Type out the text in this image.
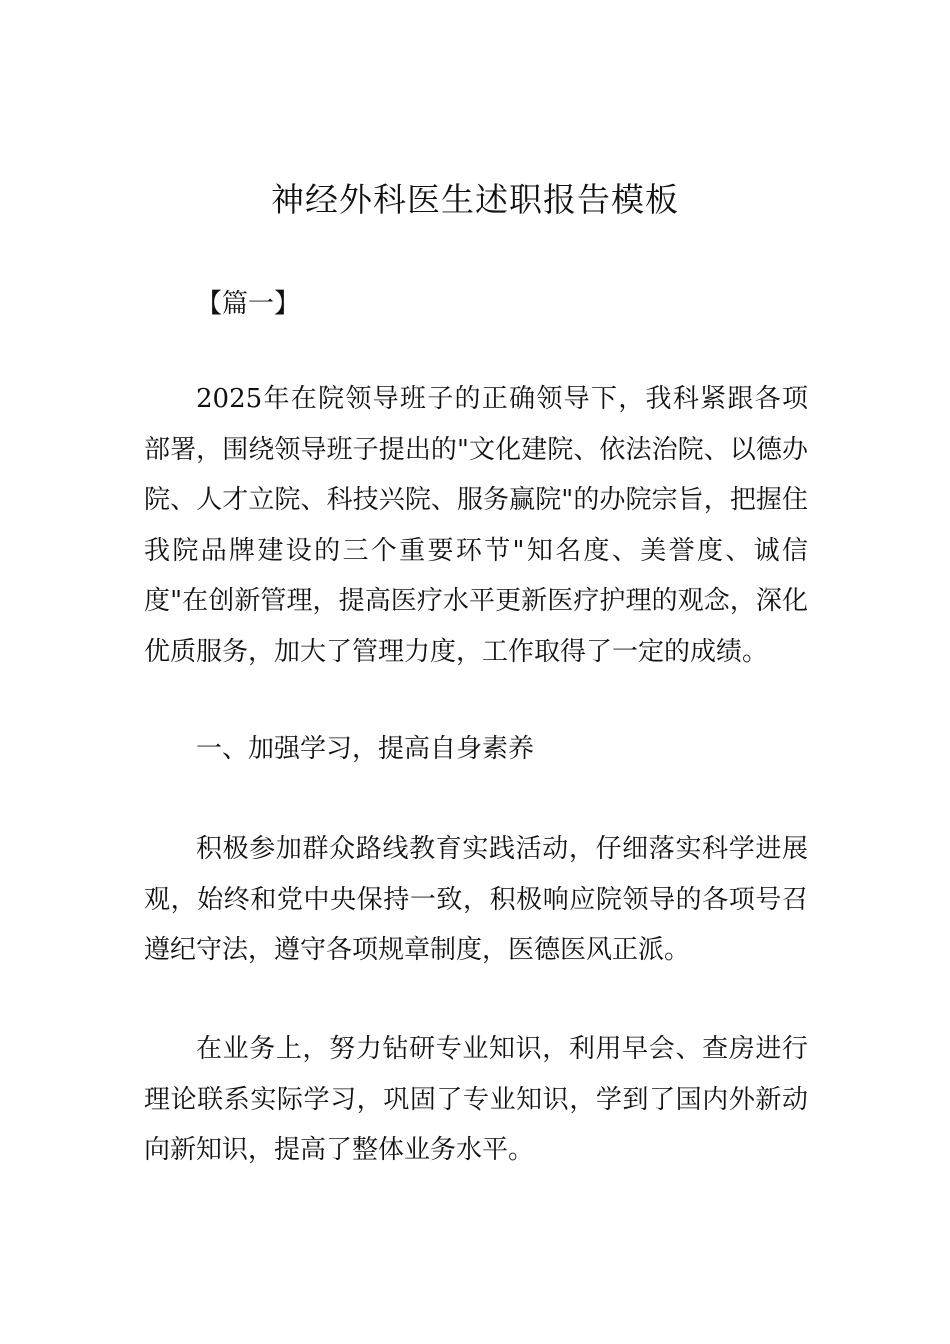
神经外科医生述职报告模板

【篇一】

2025年在院领导班子的正确领导下，我科紧跟各项部署，围绕领导班子提出的"文化建院、依法治院、以德办院、人才立院、科技兴院、服务赢院"的办院宗旨，把握住我院品牌建设的三个重要环节"知名度、美誉度、诚信度"在创新管理，提高医疗水平更新医疗护理的观念，深化优质服务，加大了管理力度，工作取得了一定的成绩。

一、加强学习，提高自身素养

积极参加群众路线教育实践活动，仔细落实科学进展观，始终和党中央保持一致，积极响应院领导的各项号召遵纪守法，遵守各项规章制度，医德医风正派。

在业务上，努力钻研专业知识，利用早会、查房进行理论联系实际学习，巩固了专业知识，学到了国内外新动向新知识，提高了整体业务水平。
